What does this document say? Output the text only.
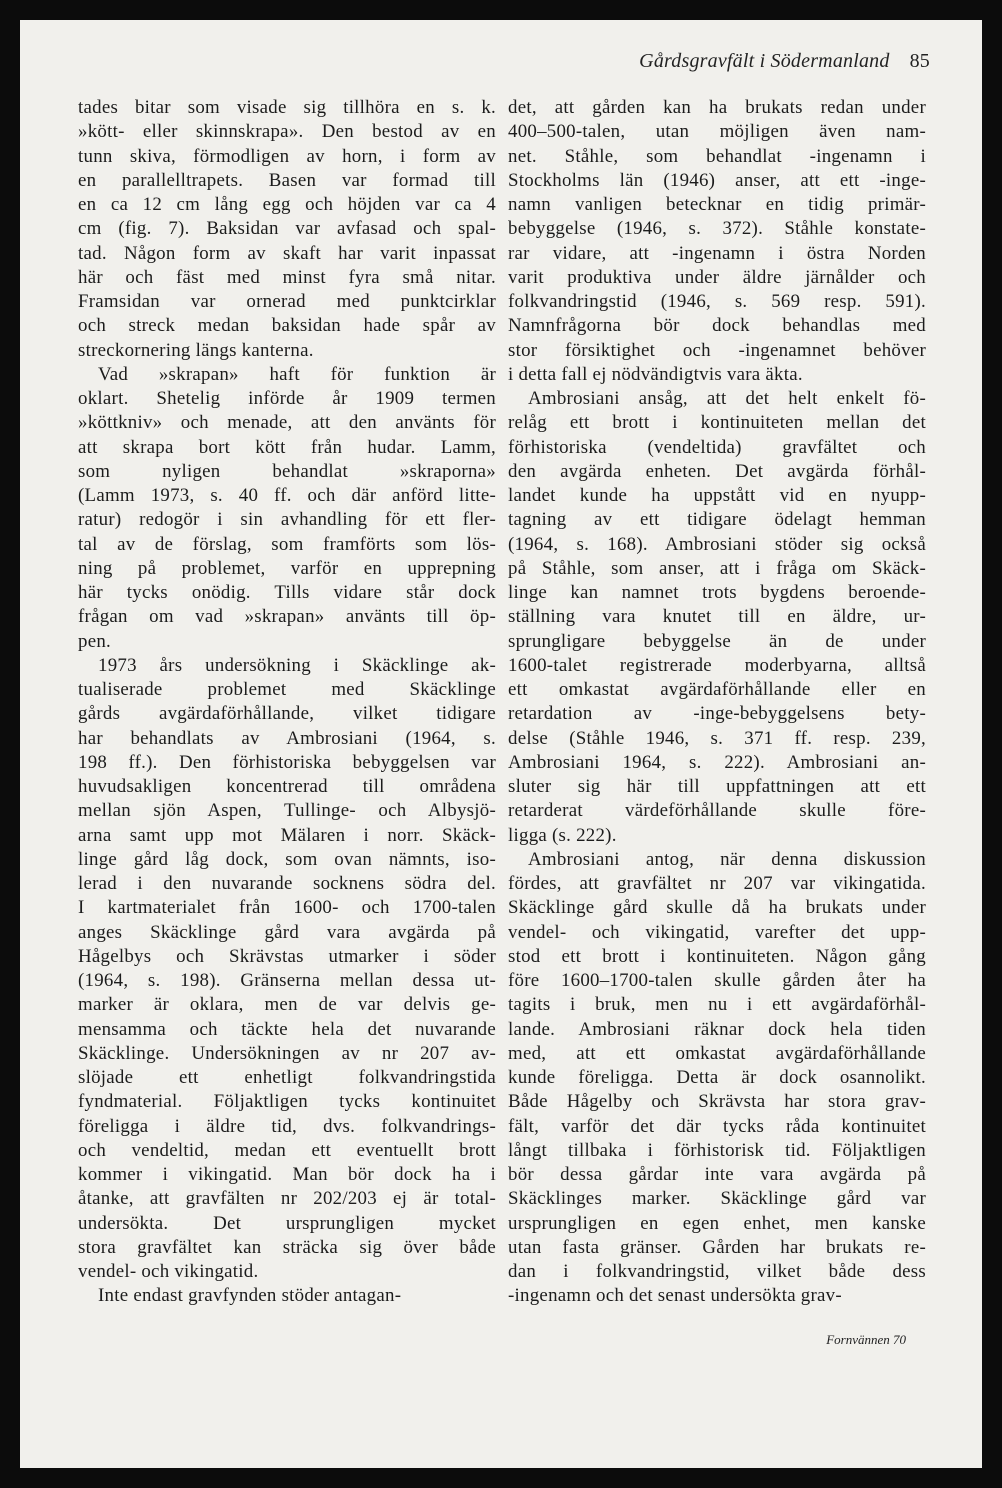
Gårdsgravfält i Södermanland 85
tades bitar som visade sig tillhöra en s. k.
»kött- eller skinnskrapa». Den bestod av en
tunn skiva, förmodligen av horn, i form av
en parallelltrapets. Basen var formad till
en ca 12 cm lång egg och höjden var ca 4
cm (fig. 7). Baksidan var avfasad och spal-
tad. Någon form av skaft har varit inpassat
här och fäst med minst fyra små nitar.
Framsidan var ornerad med punktcirklar
och streck medan baksidan hade spår av
streckornering längs kanterna.
Vad »skrapan» haft för funktion är
oklart. Shetelig införde år 1909 termen
»köttkniv» och menade, att den använts för
att skrapa bort kött från hudar. Lamm,
som nyligen behandlat »skraporna»
(Lamm 1973, s. 40 ff. och där anförd litte-
ratur) redogör i sin avhandling för ett fler-
tal av de förslag, som framförts som lös-
ning på problemet, varför en upprepning
här tycks onödig. Tills vidare står dock
frågan om vad »skrapan» använts till öp-
pen.
1973 års undersökning i Skäcklinge ak-
tualiserade problemet med Skäcklinge
gårds avgärdaförhållande, vilket tidigare
har behandlats av Ambrosiani (1964, s.
198 ff.). Den förhistoriska bebyggelsen var
huvudsakligen koncentrerad till områdena
mellan sjön Aspen, Tullinge- och Albysjö-
arna samt upp mot Mälaren i norr. Skäck-
linge gård låg dock, som ovan nämnts, iso-
lerad i den nuvarande socknens södra del.
I kartmaterialet från 1600- och 1700-talen
anges Skäcklinge gård vara avgärda på
Hågelbys och Skrävstas utmarker i söder
(1964, s. 198). Gränserna mellan dessa ut-
marker är oklara, men de var delvis ge-
mensamma och täckte hela det nuvarande
Skäcklinge. Undersökningen av nr 207 av-
slöjade ett enhetligt folkvandringstida
fyndmaterial. Följaktligen tycks kontinuitet
föreligga i äldre tid, dvs. folkvandrings-
och vendeltid, medan ett eventuellt brott
kommer i vikingatid. Man bör dock ha i
åtanke, att gravfälten nr 202/203 ej är total-
undersökta. Det ursprungligen mycket
stora gravfältet kan sträcka sig över både
vendel- och vikingatid.
Inte endast gravfynden stöder antagan-
det, att gården kan ha brukats redan under
400–500-talen, utan möjligen även nam-
net. Ståhle, som behandlat -ingenamn i
Stockholms län (1946) anser, att ett -inge-
namn vanligen betecknar en tidig primär-
bebyggelse (1946, s. 372). Ståhle konstate-
rar vidare, att -ingenamn i östra Norden
varit produktiva under äldre järnålder och
folkvandringstid (1946, s. 569 resp. 591).
Namnfrågorna bör dock behandlas med
stor försiktighet och -ingenamnet behöver
i detta fall ej nödvändigtvis vara äkta.
Ambrosiani ansåg, att det helt enkelt fö-
relåg ett brott i kontinuiteten mellan det
förhistoriska (vendeltida) gravfältet och
den avgärda enheten. Det avgärda förhål-
landet kunde ha uppstått vid en nyupp-
tagning av ett tidigare ödelagt hemman
(1964, s. 168). Ambrosiani stöder sig också
på Ståhle, som anser, att i fråga om Skäck-
linge kan namnet trots bygdens beroende-
ställning vara knutet till en äldre, ur-
sprungligare bebyggelse än de under
1600-talet registrerade moderbyarna, alltså
ett omkastat avgärdaförhållande eller en
retardation av -inge-bebyggelsens bety-
delse (Ståhle 1946, s. 371 ff. resp. 239,
Ambrosiani 1964, s. 222). Ambrosiani an-
sluter sig här till uppfattningen att ett
retarderat värdeförhållande skulle före-
ligga (s. 222).
Ambrosiani antog, när denna diskussion
fördes, att gravfältet nr 207 var vikingatida.
Skäcklinge gård skulle då ha brukats under
vendel- och vikingatid, varefter det upp-
stod ett brott i kontinuiteten. Någon gång
före 1600–1700-talen skulle gården åter ha
tagits i bruk, men nu i ett avgärdaförhål-
lande. Ambrosiani räknar dock hela tiden
med, att ett omkastat avgärdaförhållande
kunde föreligga. Detta är dock osannolikt.
Både Hågelby och Skrävsta har stora grav-
fält, varför det där tycks råda kontinuitet
långt tillbaka i förhistorisk tid. Följaktligen
bör dessa gårdar inte vara avgärda på
Skäcklinges marker. Skäcklinge gård var
ursprungligen en egen enhet, men kanske
utan fasta gränser. Gården har brukats re-
dan i folkvandringstid, vilket både dess
-ingenamn och det senast undersökta grav-
Fornvännen 70
